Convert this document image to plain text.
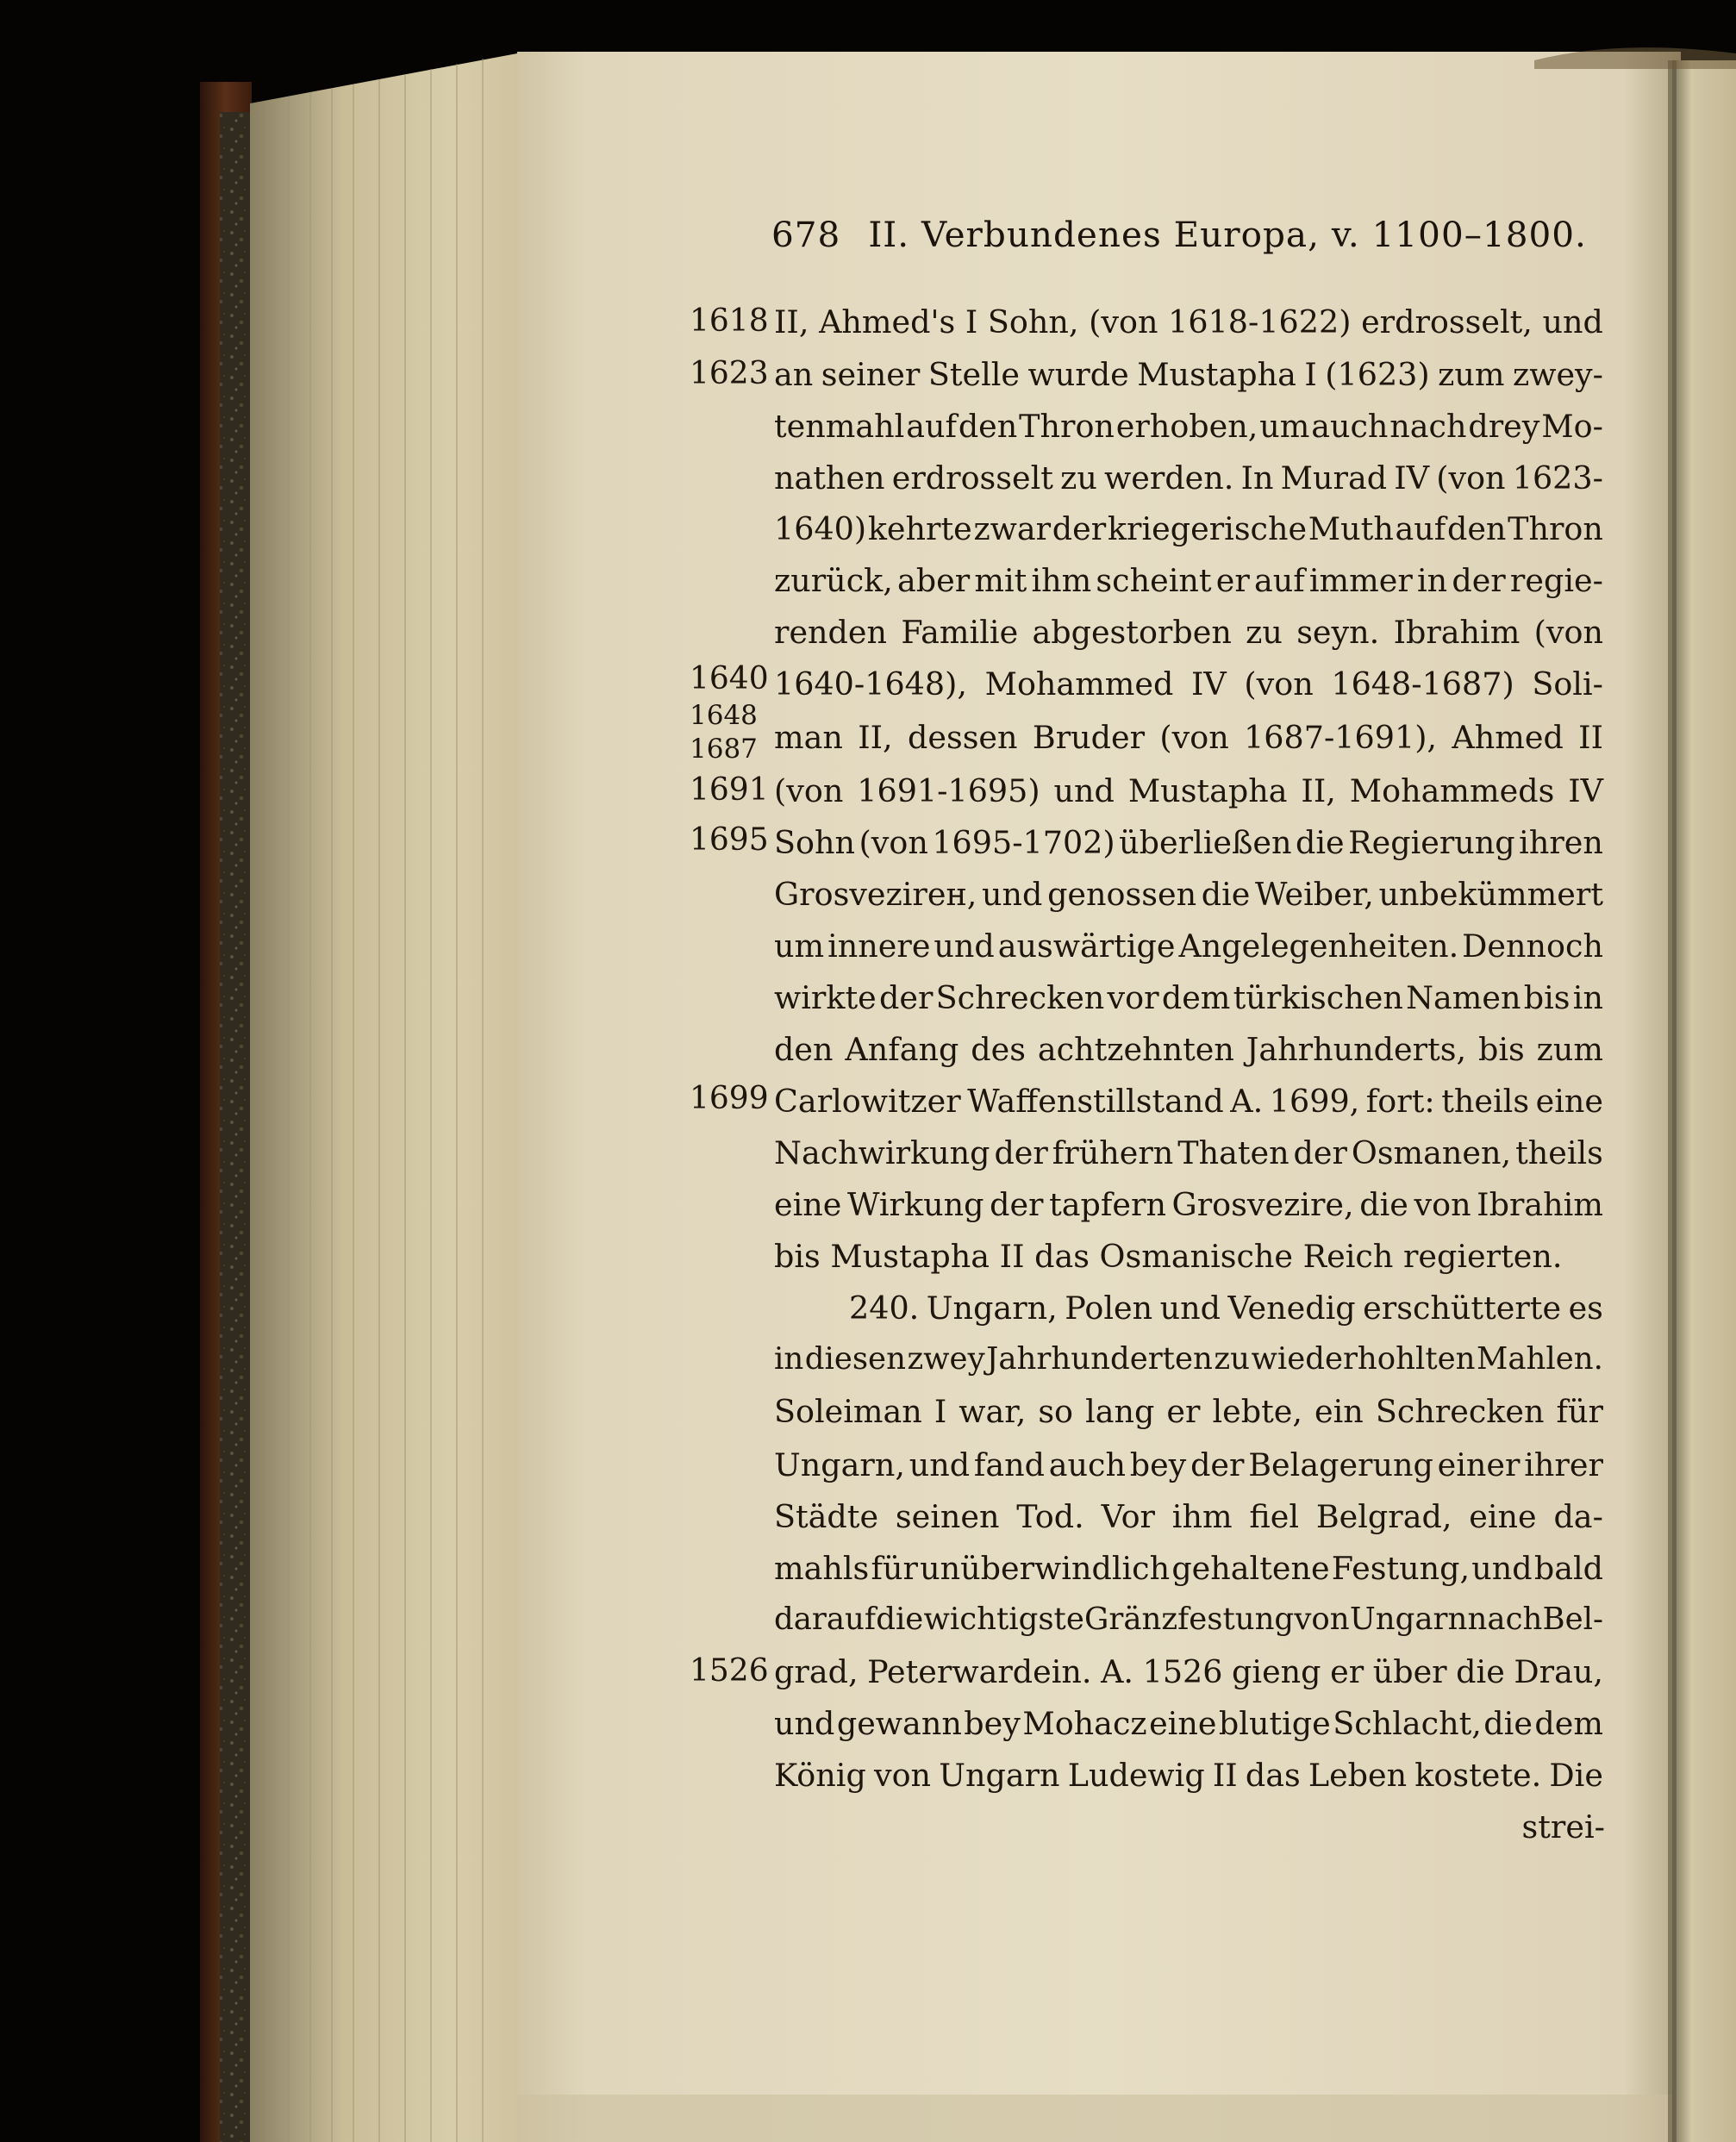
678 II. Verbundenes Europa, v. 1100–1800.
1618
1623
1640
1648
1687
1691
1695
1699
1526
II, Ahmed's I Sohn, (von 1618-1622) erdrosselt, und
an seiner Stelle wurde Mustapha I (1623) zum zwey-
tenmahl auf den Thron erhoben, um auch nach drey Mo-
nathen erdrosselt zu werden. In Murad IV (von 1623-
1640) kehrte zwar der kriegerische Muth auf den Thron
zurück, aber mit ihm scheint er auf immer in der regie-
renden Familie abgestorben zu seyn. Ibrahim (von
1640-1648), Mohammed IV (von 1648-1687) Soli-
man II, dessen Bruder (von 1687-1691), Ahmed II
(von 1691-1695) und Mustapha II, Mohammeds IV
Sohn (von 1695-1702) überließen die Regierung ihren
Grosvezirен, und genossen die Weiber, unbekümmert
um innere und auswärtige Angelegenheiten. Dennoch
wirkte der Schrecken vor dem türkischen Namen bis in
den Anfang des achtzehnten Jahrhunderts, bis zum
Carlowitzer Waffenstillstand A. 1699, fort: theils eine
Nachwirkung der frühern Thaten der Osmanen, theils
eine Wirkung der tapfern Grosvezire, die von Ibrahim
bis Mustapha II das Osmanische Reich regierten.
240. Ungarn, Polen und Venedig erschütterte es
in diesen zwey Jahrhunderten zu wiederhohlten Mahlen.
Soleiman I war, so lang er lebte, ein Schrecken für
Ungarn, und fand auch bey der Belagerung einer ihrer
Städte seinen Tod. Vor ihm fiel Belgrad, eine da-
mahls für unüberwindlich gehaltene Festung, und bald
darauf die wichtigste Gränzfestung von Ungarn nach Bel-
grad, Peterwardein. A. 1526 gieng er über die Drau,
und gewann bey Mohacz eine blutige Schlacht, die dem
König von Ungarn Ludewig II das Leben kostete. Die
strei-
